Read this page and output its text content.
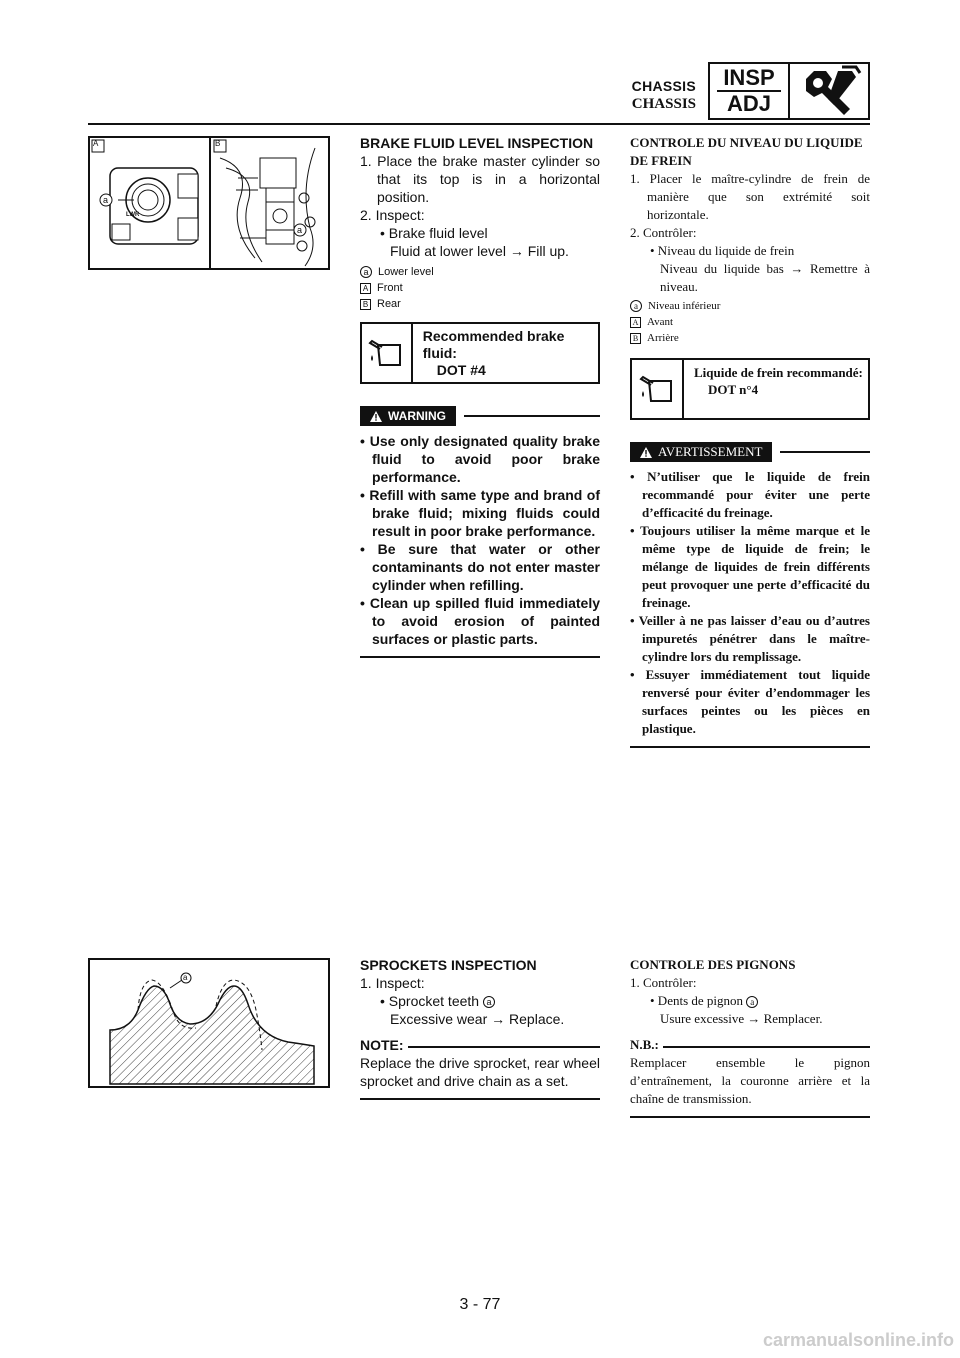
CHASSIS
CHASSIS
INSP
ADJ
A	B
a
a
LWR
a
BRAKE FLUID LEVEL INSPECTION
1. Place the brake master cylinder so that its top is in a horizontal position.
2. Inspect:
• Brake fluid level
Fluid at lower level → Fill up.
a Lower level
A Front
B Rear
Recommended brake fluid:
DOT #4
WARNING
• Use only designated quality brake fluid to avoid poor brake performance.
• Refill with same type and brand of brake fluid; mixing fluids could result in poor brake performance.
• Be sure that water or other contaminants do not enter master cylinder when refilling.
• Clean up spilled fluid immediately to avoid erosion of painted surfaces or plastic parts.
CONTROLE DU NIVEAU DU LIQUIDE DE FREIN
1. Placer le maître-cylindre de frein de manière que son extrémité soit horizontale.
2. Contrôler:
• Niveau du liquide de frein
Niveau du liquide bas → Remettre à niveau.
a Niveau inférieur
A Avant
B Arrière
Liquide de frein recommandé:
DOT n°4
AVERTISSEMENT
• N’utiliser que le liquide de frein recommandé pour éviter une perte d’efficacité du freinage.
• Toujours utiliser la même marque et le même type de liquide de frein; le mélange de liquides de frein différents peut provoquer une perte d’efficacité du freinage.
• Veiller à ne pas laisser d’eau ou d’autres impuretés pénétrer dans le maître-cylindre lors du remplissage.
• Essuyer immédiatement tout liquide renversé pour éviter d’endommager les surfaces peintes ou les pièces en plastique.
SPROCKETS INSPECTION
1. Inspect:
• Sprocket teeth a
Excessive wear → Replace.
NOTE:
Replace the drive sprocket, rear wheel sprocket and drive chain as a set.
CONTROLE DES PIGNONS
1. Contrôler:
• Dents de pignon a
Usure excessive → Remplacer.
N.B.:
Remplacer ensemble le pignon d’entraînement, la couronne arrière et la chaîne de transmission.
3 - 77
carmanualsonline.info
